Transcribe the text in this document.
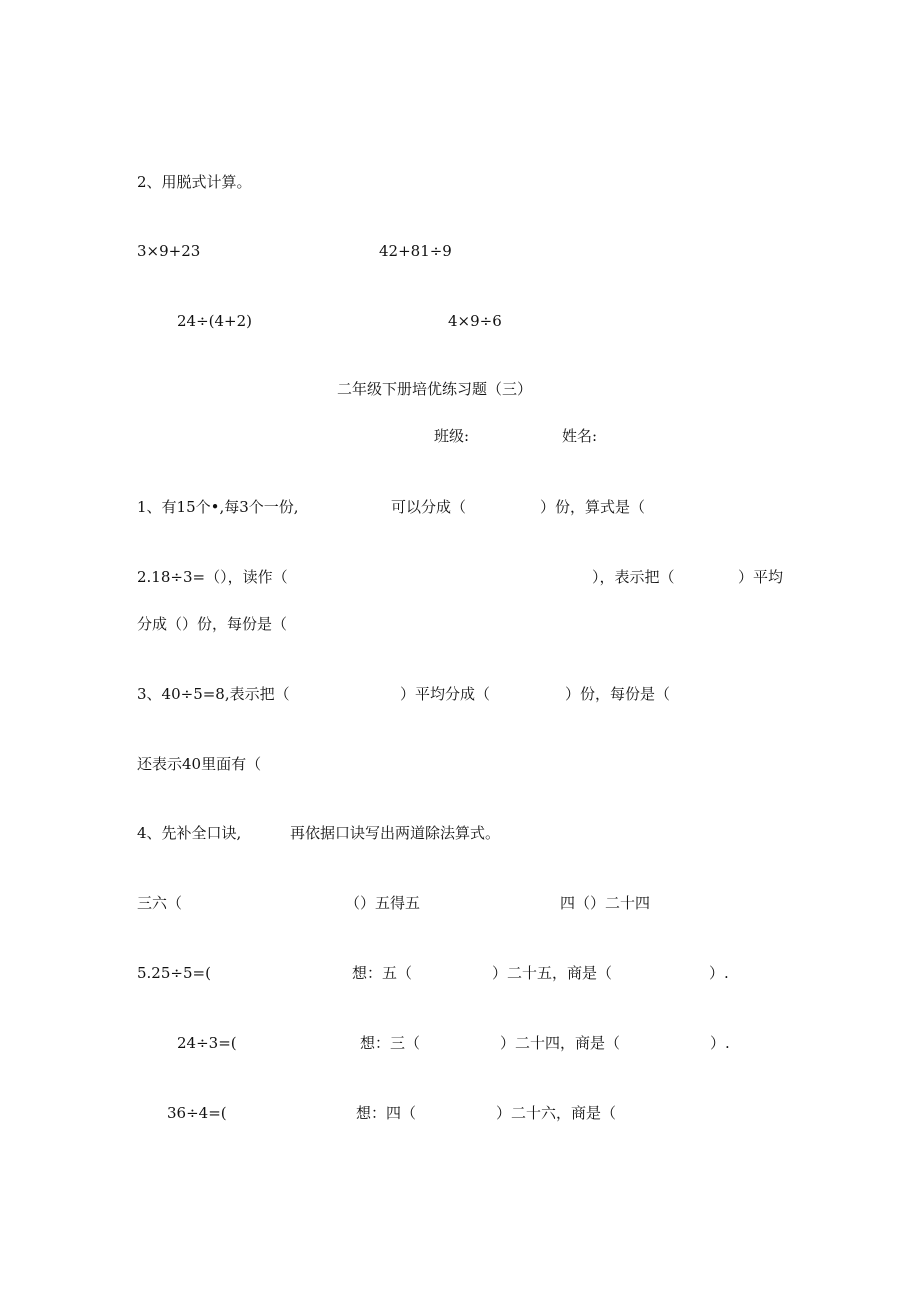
2、用脱式计算。
3×9+23	42+81÷9
24÷(4+2)	4×9÷6
二年级下册培优练习题（三）
班级:	姓名:
1、有15个•,每3个一份,	可以分成（	）份，算式是（
2.18÷3=（），读作（	），表示把（	）平均
分成（）份，每份是（
3、40÷5=8,表示把（	）平均分成（	）份，每份是（
还表示40里面有（
4、先补全口诀,	再依据口诀写出两道除法算式。
三六（	（）五得五	四（）二十四
5.25÷5=(	想：五（	）二十五，商是（	）.
24÷3=(	想：三（	）二十四，商是（	）.
36÷4=(	想：四（	）二十六，商是（
